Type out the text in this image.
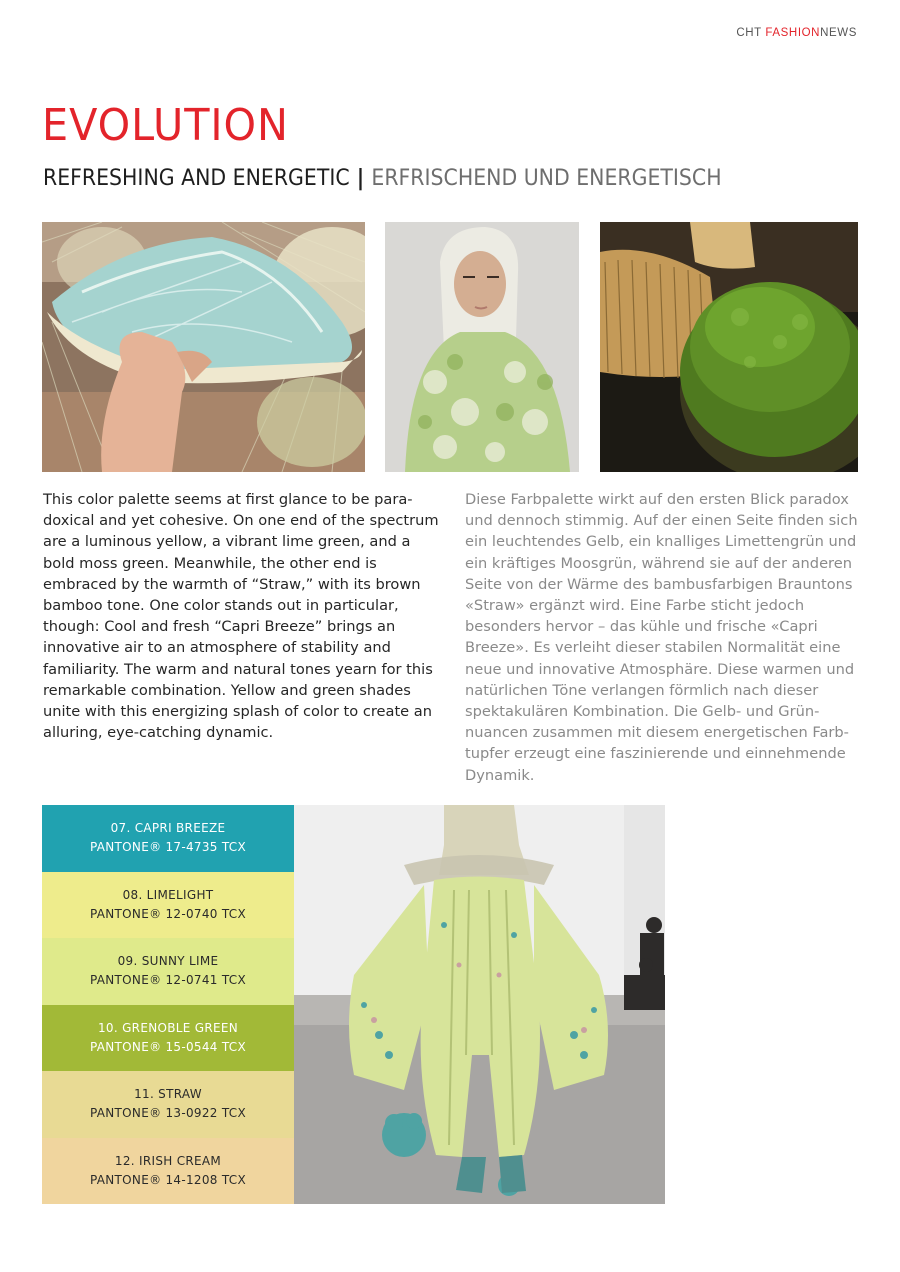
CHT FASHIONNEWS
EVOLUTION
REFRESHING AND ENERGETIC | ERFRISCHEND UND ENERGETISCH

This color palette seems at first glance to be para-doxical and yet cohesive. On one end of the spectrum are a luminous yellow, a vibrant lime green, and a bold moss green. Meanwhile, the other end is embraced by the warmth of “Straw,” with its brown bamboo tone. One color stands out in particular, though: Cool and fresh “Capri Breeze” brings an innovative air to an atmosphere of stability and familiarity. The warm and natural tones yearn for this remarkable combination. Yellow and green shades unite with this energizing splash of color to create an alluring, eye-catching dynamic.

Diese Farbpalette wirkt auf den ersten Blick paradox und dennoch stimmig. Auf der einen Seite finden sich ein leuchtendes Gelb, ein knalliges Limettengrün und ein kräftiges Moosgrün, während sie auf der anderen Seite von der Wärme des bambusfarbigen Brauntons «Straw» ergänzt wird. Eine Farbe sticht jedoch besonders hervor – das kühle und frische «Capri Breeze». Es verleiht dieser stabilen Normalität eine neue und innovative Atmosphäre. Diese warmen und natürlichen Töne verlangen förmlich nach dieser spektakulären Kombination. Die Gelb- und Grün-nuancen zusammen mit diesem energetischen Farb-tupfer erzeugt eine faszinierende und einnehmende Dynamik.

07. CAPRI BREEZE
PANTONE® 17-4735 TCX
08. LIMELIGHT
PANTONE® 12-0740 TCX
09. SUNNY LIME
PANTONE® 12-0741 TCX
10. GRENOBLE GREEN
PANTONE® 15-0544 TCX
11. STRAW
PANTONE® 13-0922 TCX
12. IRISH CREAM
PANTONE® 14-1208 TCX
